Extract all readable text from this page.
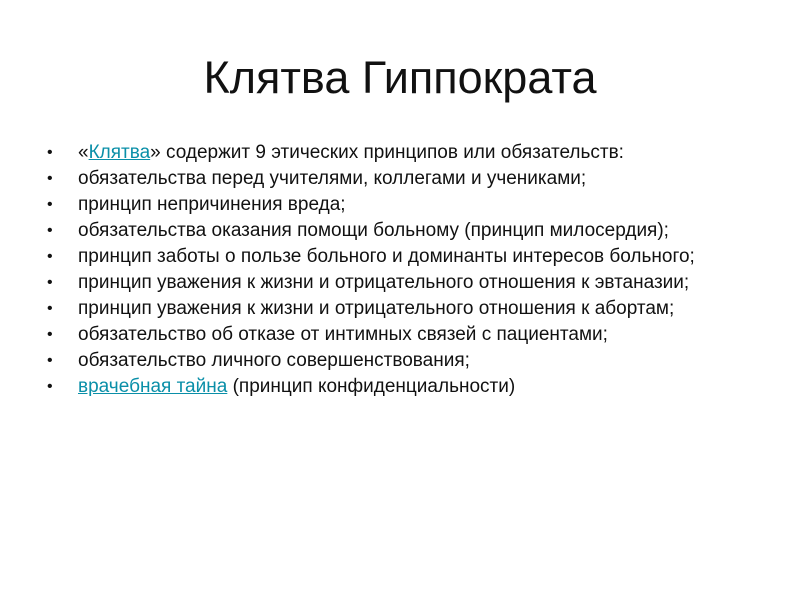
Клятва Гиппократа
•	«Клятва» содержит 9 этических принципов или обязательств:
•	обязательства перед учителями, коллегами и учениками;
•	принцип непричинения вреда;
•	обязательства оказания помощи больному (принцип милосердия);
•	принцип заботы о пользе больного и доминанты интересов больного;
•	принцип уважения к жизни и отрицательного отношения к эвтаназии;
•	принцип уважения к жизни и отрицательного отношения к абортам;
•	обязательство об отказе от интимных связей с пациентами;
•	обязательство личного совершенствования;
•	врачебная тайна (принцип конфиденциальности)
